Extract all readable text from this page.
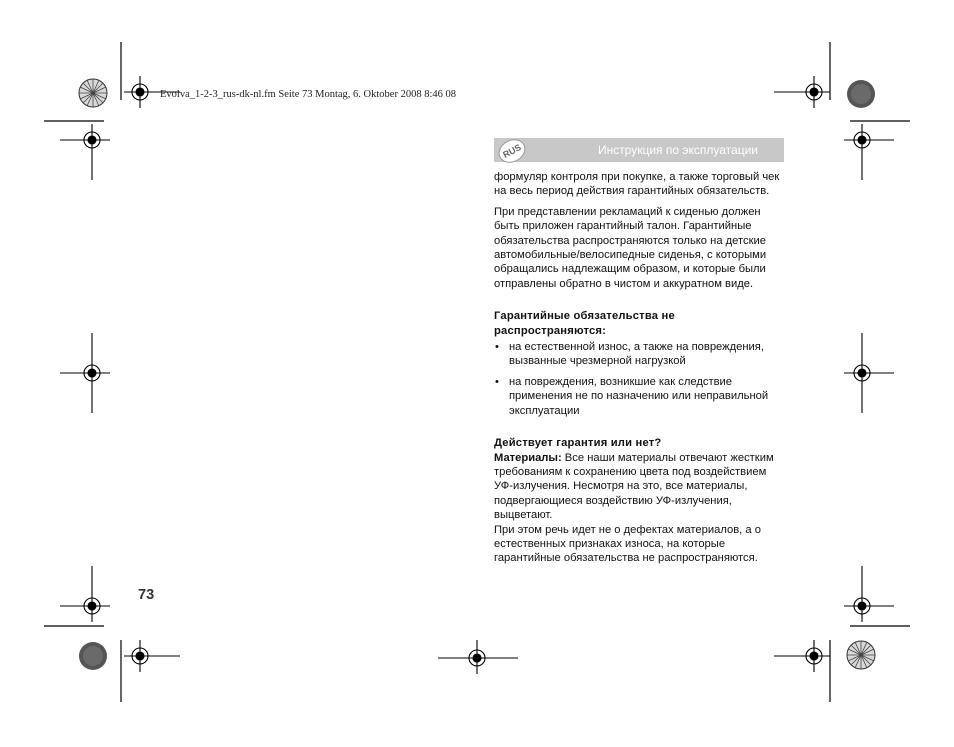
Evolva_1-2-3_rus-dk-nl.fm Seite 73 Montag, 6. Oktober 2008 8:46 08
RUS	Инструкция по эксплуатации

формуляр контроля при покупке, а также торговый чек на весь период действия гарантийных обязательств.

При представлении рекламаций к сиденью должен быть приложен гарантийный талон. Гарантийные обязательства распространяются только на детские автомобильные/велосипедные сиденья, с которыми обращались надлежащим образом, и которые были отправлены обратно в чистом и аккуратном виде.

Гарантийные обязательства не распространяются:

• на естественной износ, а также на повреждения, вызванные чрезмерной нагрузкой
• на повреждения, возникшие как следствие применения не по назначению или неправильной эксплуатации

Действует гарантия или нет?

Материалы: Все наши материалы отвечают жестким требованиям к сохранению цвета под воздействием УФ-излучения. Несмотря на это, все материалы, подвергающиеся воздействию УФ-излучения, выцветают.

При этом речь идет не о дефектах материалов, а о естественных признаках износа, на которые гарантийные обязательства не распространяются.

73
